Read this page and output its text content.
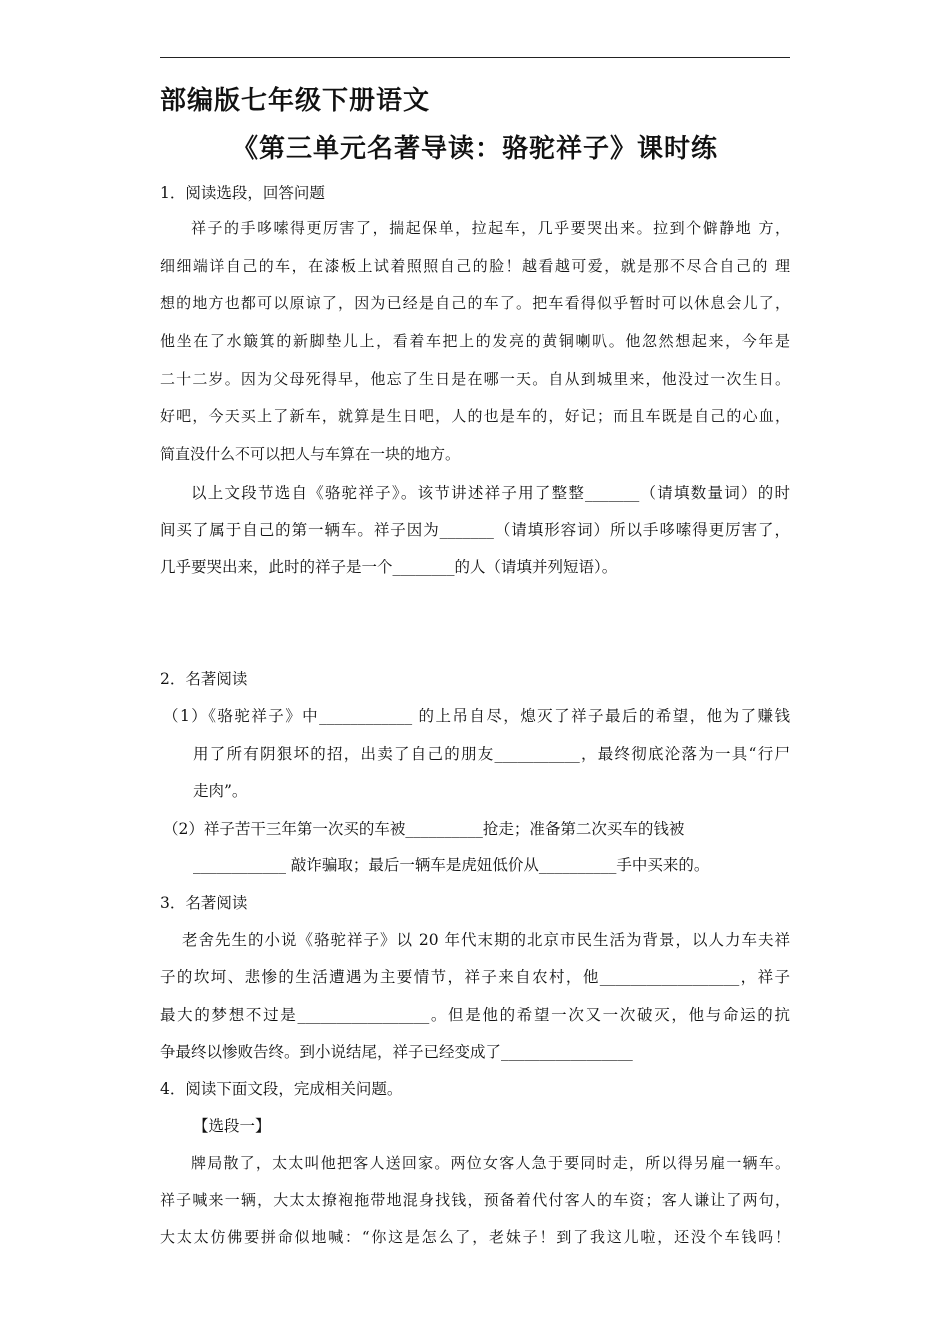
部编版七年级下册语文
《第三单元名著导读：骆驼祥子》课时练
1．阅读选段，回答问题
祥子的手哆嗦得更厉害了，揣起保单，拉起车，几乎要哭出来。拉到个僻静地 方，
细细端详自己的车，在漆板上试着照照自己的脸！越看越可爱，就是那不尽合自己的 理
想的地方也都可以原谅了，因为已经是自己的车了。把车看得似乎暂时可以休息会儿了，
他坐在了水簸箕的新脚垫儿上，看着车把上的发亮的黄铜喇叭。他忽然想起来，今年是
二十二岁。因为父母死得早，他忘了生日是在哪一天。自从到城里来，他没过一次生日。
好吧，今天买上了新车，就算是生日吧，人的也是车的，好记；而且车既是自己的心血，
简直没什么不可以把人与车算在一块的地方。
以上文段节选自《骆驼祥子》。该节讲述祥子用了整整_______（请填数量词）的时
间买了属于自己的第一辆车。祥子因为_______（请填形容词）所以手哆嗦得更厉害了，
几乎要哭出来，此时的祥子是一个________的人（请填并列短语）。
2．名著阅读
（1）《骆驼祥子》中____________ 的上吊自尽，熄灭了祥子最后的希望，他为了赚钱
用了所有阴狠坏的招，出卖了自己的朋友___________，最终彻底沦落为一具“行尸
走肉”。
（2）祥子苦干三年第一次买的车被__________抢走；准备第二次买车的钱被
____________ 敲诈骗取；最后一辆车是虎妞低价从__________手中买来的。
3．名著阅读
老舍先生的小说《骆驼祥子》以 20 年代末期的北京市民生活为背景，以人力车夫祥
子的坎坷、悲惨的生活遭遇为主要情节，祥子来自农村，他__________________，祥子
最大的梦想不过是_________________。但是他的希望一次又一次破灭，他与命运的抗
争最终以惨败告终。到小说结尾，祥子已经变成了_________________
4．阅读下面文段，完成相关问题。
【选段一】
牌局散了，太太叫他把客人送回家。两位女客人急于要同时走，所以得另雇一辆车。
祥子喊来一辆，大太太撩袍拖带地混身找钱，预备着代付客人的车资；客人谦让了两句，
大太太仿佛要拼命似地喊：“你这是怎么了，老妹子！到了我这儿啦，还没个车钱吗！
